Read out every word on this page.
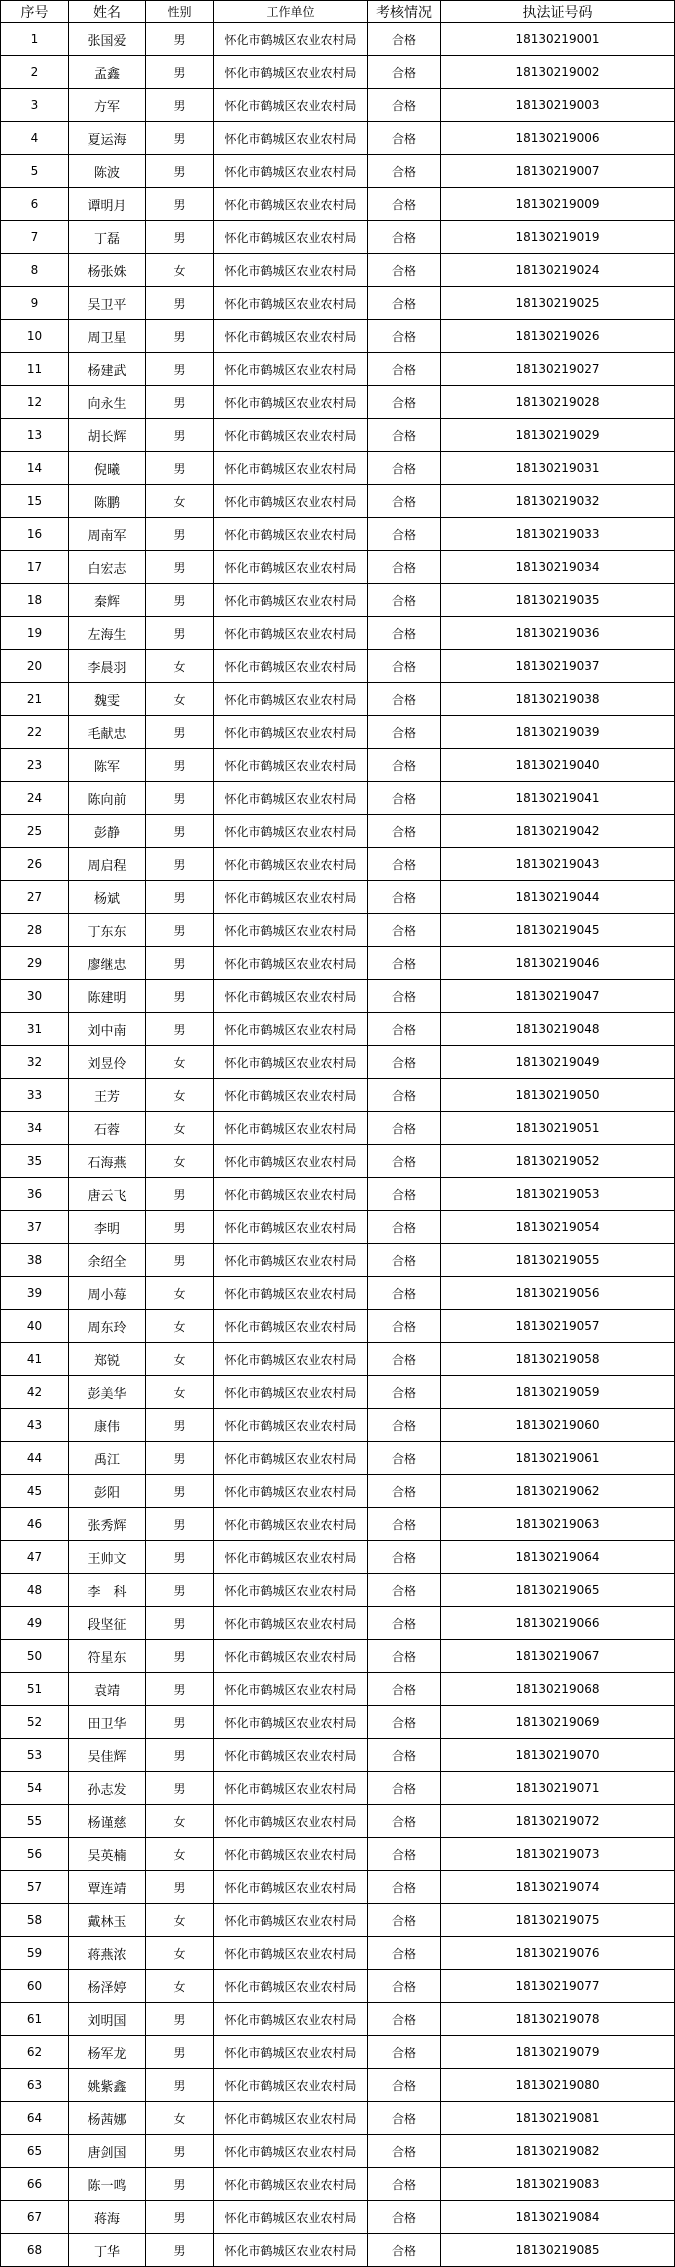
序号	姓名	性别	工作单位	考核情况	执法证号码
1	张国爱	男	怀化市鹤城区农业农村局	合格	18130219001
2	孟鑫	男	怀化市鹤城区农业农村局	合格	18130219002
3	方军	男	怀化市鹤城区农业农村局	合格	18130219003
4	夏运海	男	怀化市鹤城区农业农村局	合格	18130219006
5	陈波	男	怀化市鹤城区农业农村局	合格	18130219007
6	谭明月	男	怀化市鹤城区农业农村局	合格	18130219009
7	丁磊	男	怀化市鹤城区农业农村局	合格	18130219019
8	杨张姝	女	怀化市鹤城区农业农村局	合格	18130219024
9	吴卫平	男	怀化市鹤城区农业农村局	合格	18130219025
10	周卫星	男	怀化市鹤城区农业农村局	合格	18130219026
11	杨建武	男	怀化市鹤城区农业农村局	合格	18130219027
12	向永生	男	怀化市鹤城区农业农村局	合格	18130219028
13	胡长辉	男	怀化市鹤城区农业农村局	合格	18130219029
14	倪曦	男	怀化市鹤城区农业农村局	合格	18130219031
15	陈鹏	女	怀化市鹤城区农业农村局	合格	18130219032
16	周南军	男	怀化市鹤城区农业农村局	合格	18130219033
17	白宏志	男	怀化市鹤城区农业农村局	合格	18130219034
18	秦辉	男	怀化市鹤城区农业农村局	合格	18130219035
19	左海生	男	怀化市鹤城区农业农村局	合格	18130219036
20	李晨羽	女	怀化市鹤城区农业农村局	合格	18130219037
21	魏雯	女	怀化市鹤城区农业农村局	合格	18130219038
22	毛献忠	男	怀化市鹤城区农业农村局	合格	18130219039
23	陈军	男	怀化市鹤城区农业农村局	合格	18130219040
24	陈向前	男	怀化市鹤城区农业农村局	合格	18130219041
25	彭静	男	怀化市鹤城区农业农村局	合格	18130219042
26	周启程	男	怀化市鹤城区农业农村局	合格	18130219043
27	杨斌	男	怀化市鹤城区农业农村局	合格	18130219044
28	丁东东	男	怀化市鹤城区农业农村局	合格	18130219045
29	廖继忠	男	怀化市鹤城区农业农村局	合格	18130219046
30	陈建明	男	怀化市鹤城区农业农村局	合格	18130219047
31	刘中南	男	怀化市鹤城区农业农村局	合格	18130219048
32	刘昱伶	女	怀化市鹤城区农业农村局	合格	18130219049
33	王芳	女	怀化市鹤城区农业农村局	合格	18130219050
34	石蓉	女	怀化市鹤城区农业农村局	合格	18130219051
35	石海燕	女	怀化市鹤城区农业农村局	合格	18130219052
36	唐云飞	男	怀化市鹤城区农业农村局	合格	18130219053
37	李明	男	怀化市鹤城区农业农村局	合格	18130219054
38	余绍全	男	怀化市鹤城区农业农村局	合格	18130219055
39	周小莓	女	怀化市鹤城区农业农村局	合格	18130219056
40	周东玲	女	怀化市鹤城区农业农村局	合格	18130219057
41	郑锐	女	怀化市鹤城区农业农村局	合格	18130219058
42	彭美华	女	怀化市鹤城区农业农村局	合格	18130219059
43	康伟	男	怀化市鹤城区农业农村局	合格	18130219060
44	禹江	男	怀化市鹤城区农业农村局	合格	18130219061
45	彭阳	男	怀化市鹤城区农业农村局	合格	18130219062
46	张秀辉	男	怀化市鹤城区农业农村局	合格	18130219063
47	王帅文	男	怀化市鹤城区农业农村局	合格	18130219064
48	李　科	男	怀化市鹤城区农业农村局	合格	18130219065
49	段坚征	男	怀化市鹤城区农业农村局	合格	18130219066
50	符星东	男	怀化市鹤城区农业农村局	合格	18130219067
51	袁靖	男	怀化市鹤城区农业农村局	合格	18130219068
52	田卫华	男	怀化市鹤城区农业农村局	合格	18130219069
53	吴佳辉	男	怀化市鹤城区农业农村局	合格	18130219070
54	孙志发	男	怀化市鹤城区农业农村局	合格	18130219071
55	杨谨慈	女	怀化市鹤城区农业农村局	合格	18130219072
56	吴英楠	女	怀化市鹤城区农业农村局	合格	18130219073
57	覃连靖	男	怀化市鹤城区农业农村局	合格	18130219074
58	戴林玉	女	怀化市鹤城区农业农村局	合格	18130219075
59	蒋燕浓	女	怀化市鹤城区农业农村局	合格	18130219076
60	杨泽婷	女	怀化市鹤城区农业农村局	合格	18130219077
61	刘明国	男	怀化市鹤城区农业农村局	合格	18130219078
62	杨军龙	男	怀化市鹤城区农业农村局	合格	18130219079
63	姚紫鑫	男	怀化市鹤城区农业农村局	合格	18130219080
64	杨茜娜	女	怀化市鹤城区农业农村局	合格	18130219081
65	唐剑国	男	怀化市鹤城区农业农村局	合格	18130219082
66	陈一鸣	男	怀化市鹤城区农业农村局	合格	18130219083
67	蒋海	男	怀化市鹤城区农业农村局	合格	18130219084
68	丁华	男	怀化市鹤城区农业农村局	合格	18130219085
